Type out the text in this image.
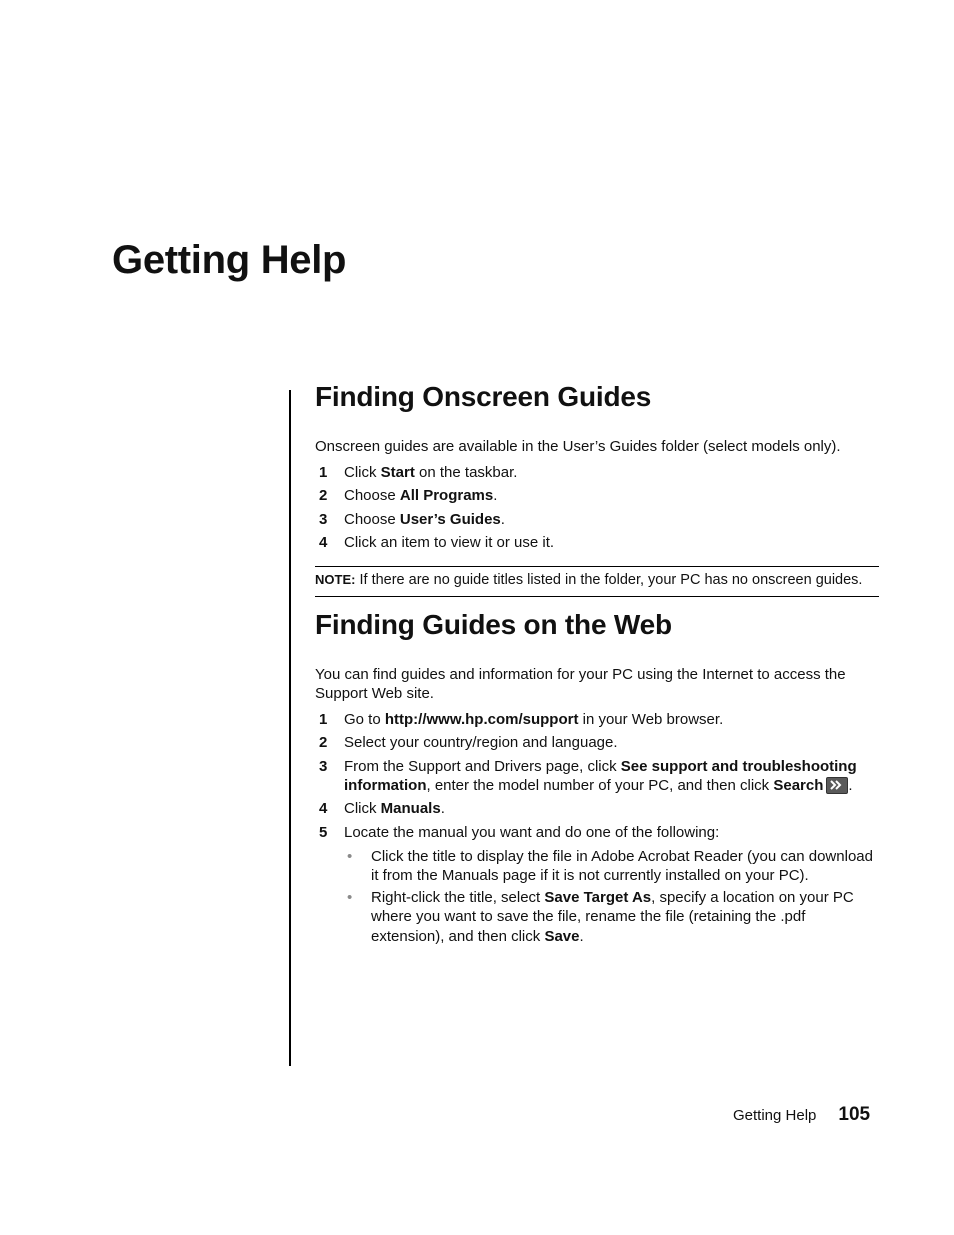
Getting Help
Finding Onscreen Guides

Onscreen guides are available in the User’s Guides folder (select models only).

1 Click Start on the taskbar.
2 Choose All Programs.
3 Choose User’s Guides.
4 Click an item to view it or use it.
NOTE: If there are no guide titles listed in the folder, your PC has no onscreen guides.
Finding Guides on the Web

You can find guides and information for your PC using the Internet to access the Support Web site.

1 Go to http://www.hp.com/support in your Web browser.
2 Select your country/region and language.
3 From the Support and Drivers page, click See support and troubleshooting information, enter the model number of your PC, and then click Search .
4 Click Manuals.
5 Locate the manual you want and do one of the following:
• Click the title to display the file in Adobe Acrobat Reader (you can download it from the Manuals page if it is not currently installed on your PC).
• Right-click the title, select Save Target As, specify a location on your PC where you want to save the file, rename the file (retaining the .pdf extension), and then click Save.
Getting Help 105
